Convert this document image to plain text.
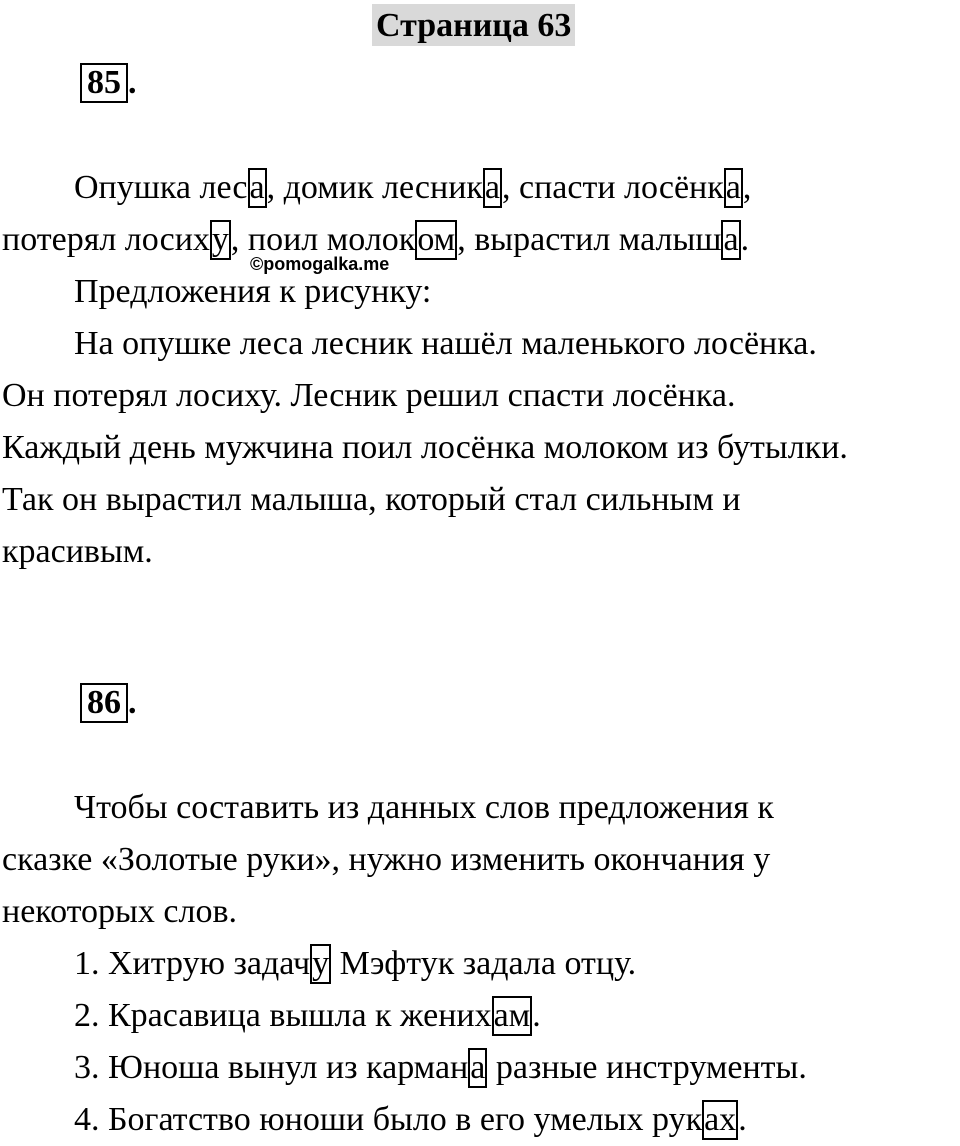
Страница 63
85 .
Опушка леса, домик лесника, спасти лосёнка,
потерял лосиху, поил молоком, вырастил малыша.
Предложения к рисунку:
На опушке леса лесник нашёл маленького лосёнка.
Он потерял лосиху. Лесник решил спасти лосёнка.
Каждый день мужчина поил лосёнка молоком из бутылки.
Так он вырастил малыша, который стал сильным и
красивым.
©pomogalka.me
86 .
Чтобы составить из данных слов предложения к
сказке «Золотые руки», нужно изменить окончания у
некоторых слов.
1. Хитрую задачу Мэфтук задала отцу.
2. Красавица вышла к женихам.
3. Юноша вынул из кармана разные инструменты.
4. Богатство юноши было в его умелых руках.
